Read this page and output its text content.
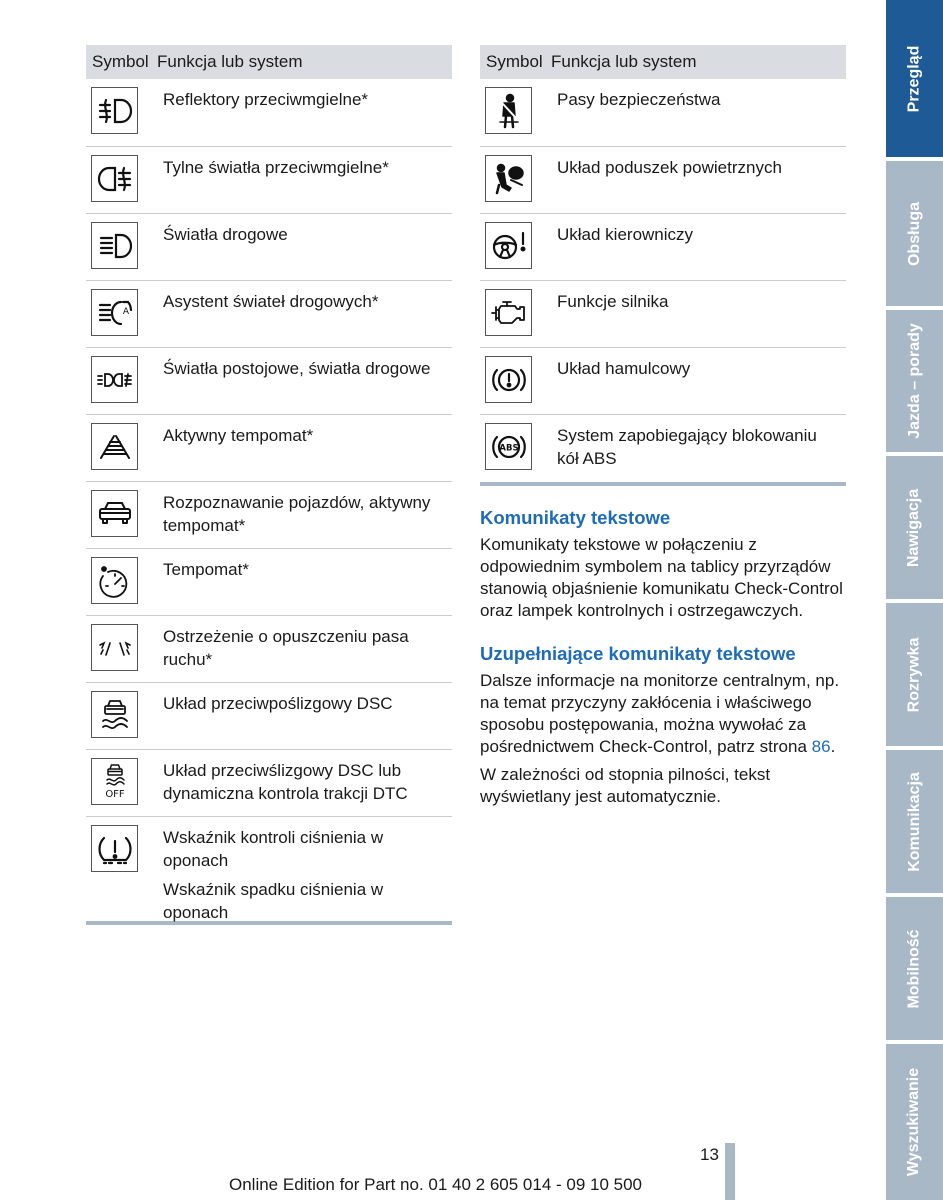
Symbol Funkcja lub system
Reflektory przeciwmgielne*
Tylne światła przeciwmgielne*
Światła drogowe
A
Asystent świateł drogowych*
Światła postojowe, światła drogowe
Aktywny tempomat*
Rozpoznawanie pojazdów, aktywny tempomat*
Tempomat*
Ostrzeżenie o opuszczeniu pasa ruchu*
Układ przeciwpoślizgowy DSC
OFF
Układ przeciwślizgowy DSC lub dynamiczna kontrola trakcji DTC
Wskaźnik kontroli ciśnienia w oponach
Wskaźnik spadku ciśnienia w oponach
Symbol Funkcja lub system
Pasy bezpieczeństwa
Układ poduszek powietrznych
Układ kierowniczy
Funkcje silnika
Układ hamulcowy
ABS
System zapobiegający blokowaniu kół ABS
Komunikaty tekstowe

Komunikaty tekstowe w połączeniu z odpowiednim symbolem na tablicy przyrządów stanowią objaśnienie komunikatu Check-Control oraz lampek kontrolnych i ostrzegawczych.

Uzupełniające komunikaty tekstowe

Dalsze informacje na monitorze centralnym, np. na temat przyczyny zakłócenia i właściwego sposobu postępowania, można wywołać za pośrednictwem Check-Control, patrz strona 86.

W zależności od stopnia pilności, tekst wyświetlany jest automatycznie.

Przegląd
Obsługa
Jazda – porady
Nawigacja
Rozrywka
Komunikacja
Mobilność
Wyszukiwanie
13
Online Edition for Part no. 01 40 2 605 014 - 09 10 500
